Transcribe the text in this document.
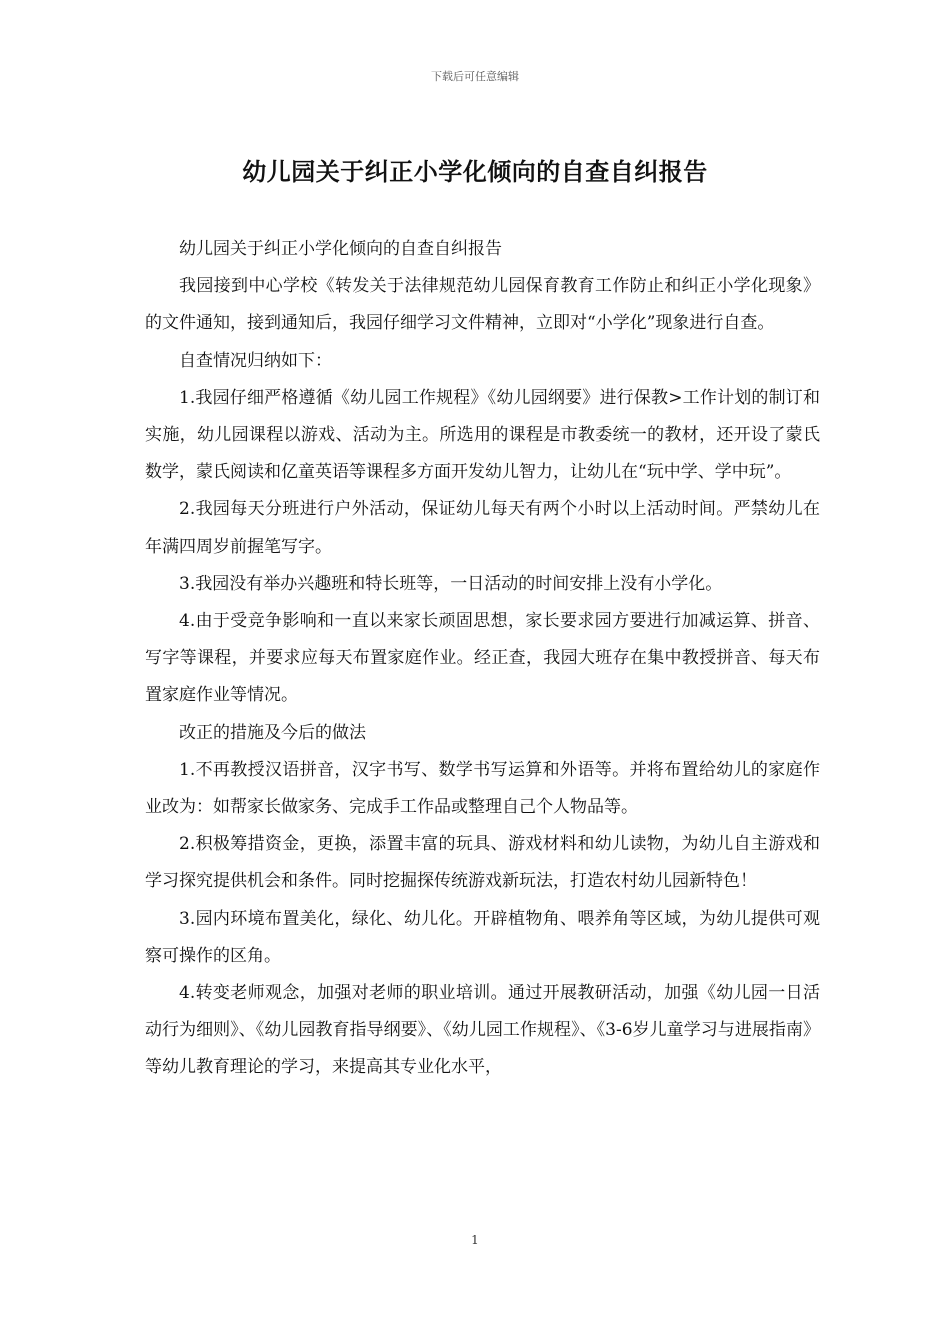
下载后可任意编辑
幼儿园关于纠正小学化倾向的自查自纠报告

幼儿园关于纠正小学化倾向的自查自纠报告

我园接到中心学校《转发关于法律规范幼儿园保育教育工作防止和纠正小学化现象》的文件通知，接到通知后，我园仔细学习文件精神，立即对“小学化”现象进行自查。

自查情况归纳如下：

1.我园仔细严格遵循《幼儿园工作规程》《幼儿园纲要》进行保教>工作计划的制订和实施，幼儿园课程以游戏、活动为主。所选用的课程是市教委统一的教材，还开设了蒙氏数学，蒙氏阅读和亿童英语等课程多方面开发幼儿智力，让幼儿在“玩中学、学中玩”。

2.我园每天分班进行户外活动，保证幼儿每天有两个小时以上活动时间。严禁幼儿在年满四周岁前握笔写字。

3.我园没有举办兴趣班和特长班等，一日活动的时间安排上没有小学化。

4.由于受竞争影响和一直以来家长顽固思想，家长要求园方要进行加减运算、拼音、写字等课程，并要求应每天布置家庭作业。经正查，我园大班存在集中教授拼音、每天布置家庭作业等情况。

改正的措施及今后的做法

1.不再教授汉语拼音，汉字书写、数学书写运算和外语等。并将布置给幼儿的家庭作业改为：如帮家长做家务、完成手工作品或整理自己个人物品等。

2.积极筹措资金，更换，添置丰富的玩具、游戏材料和幼儿读物，为幼儿自主游戏和学习探究提供机会和条件。同时挖掘探传统游戏新玩法，打造农村幼儿园新特色！

3.园内环境布置美化，绿化、幼儿化。开辟植物角、喂养角等区域，为幼儿提供可观察可操作的区角。

4.转变老师观念，加强对老师的职业培训。通过开展教研活动，加强《幼儿园一日活动行为细则》、《幼儿园教育指导纲要》、《幼儿园工作规程》、《3-6岁儿童学习与进展指南》等幼儿教育理论的学习，来提高其专业化水平，

1
